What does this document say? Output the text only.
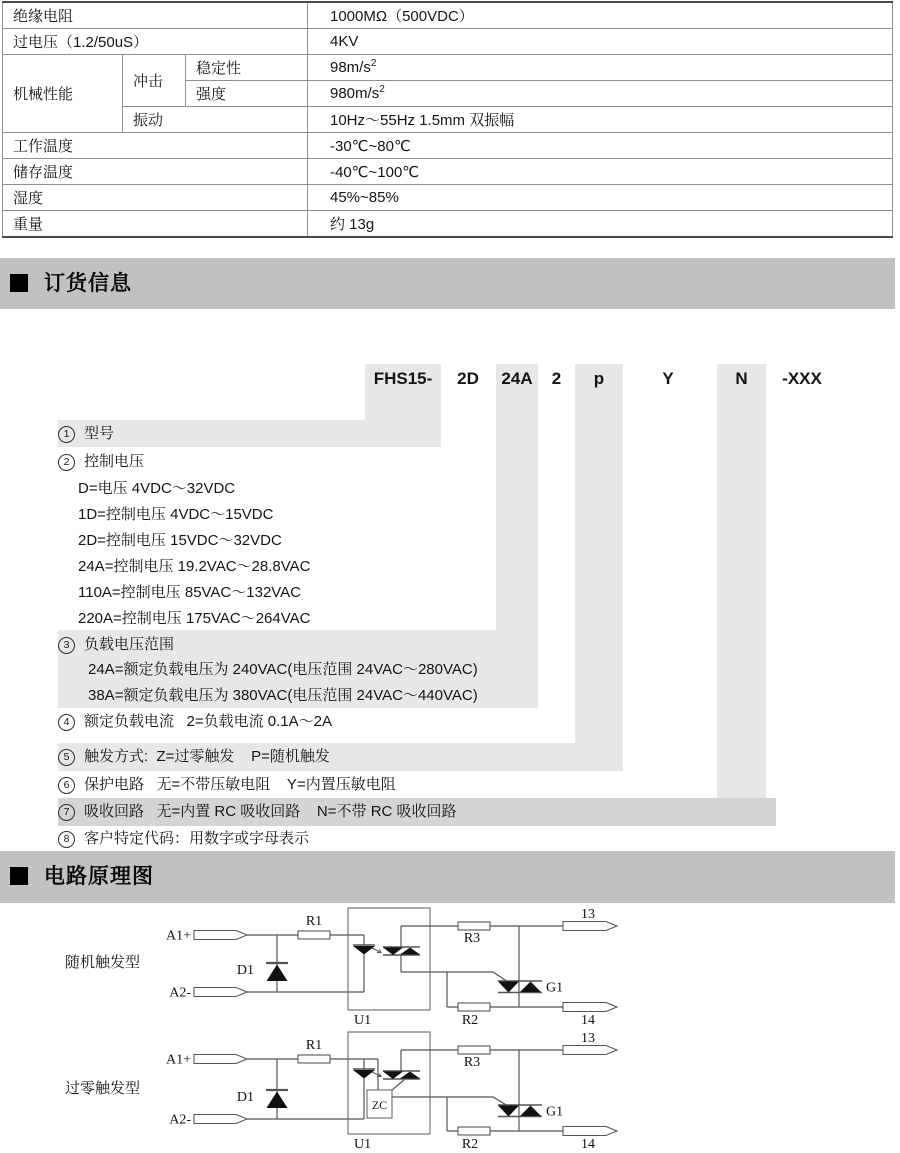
绝缘电阻			1000MΩ（500VDC）
过电压（1.2/50uS）			4KV
机械性能	冲击	稳定性	$98m/s^2$
		强度	$980m/s^2$
	振动		10Hz～55Hz 1.5mm 双振幅
工作温度			-30℃~80℃
储存温度			-40℃~100℃
湿度			45%~85%
重量			约 13g
订货信息
FHS15-	2D	24A	2	p	Y	N	-XXX
1 型号
2 控制电压
D=电压 4VDC～32VDC
1D=控制电压 4VDC～15VDC
2D=控制电压 15VDC～32VDC
24A=控制电压 19.2VAC～28.8VAC
110A=控制电压 85VAC～132VAC
220A=控制电压 175VAC～264VAC
3 负载电压范围
24A=额定负载电压为 240VAC(电压范围 24VAC～280VAC)
38A=额定负载电压为 380VAC(电压范围 24VAC～440VAC)
4 额定负载电流   2=负载电流 0.1A～2A
5 触发方式:  Z=过零触发    P=随机触发
6 保护电路   无=不带压敏电阻    Y=内置压敏电阻
7 吸收回路   无=内置 RC 吸收回路    N=不带 RC 吸收回路
8 客户特定代码：用数字或字母表示
电路原理图
随机触发型
A1+
A2-
D1
R1
U1
R3
R2
G1
13
14
过零触发型
A1+
A2-
D1
R1
U1
ZC
R3
R2
G1
13
14
